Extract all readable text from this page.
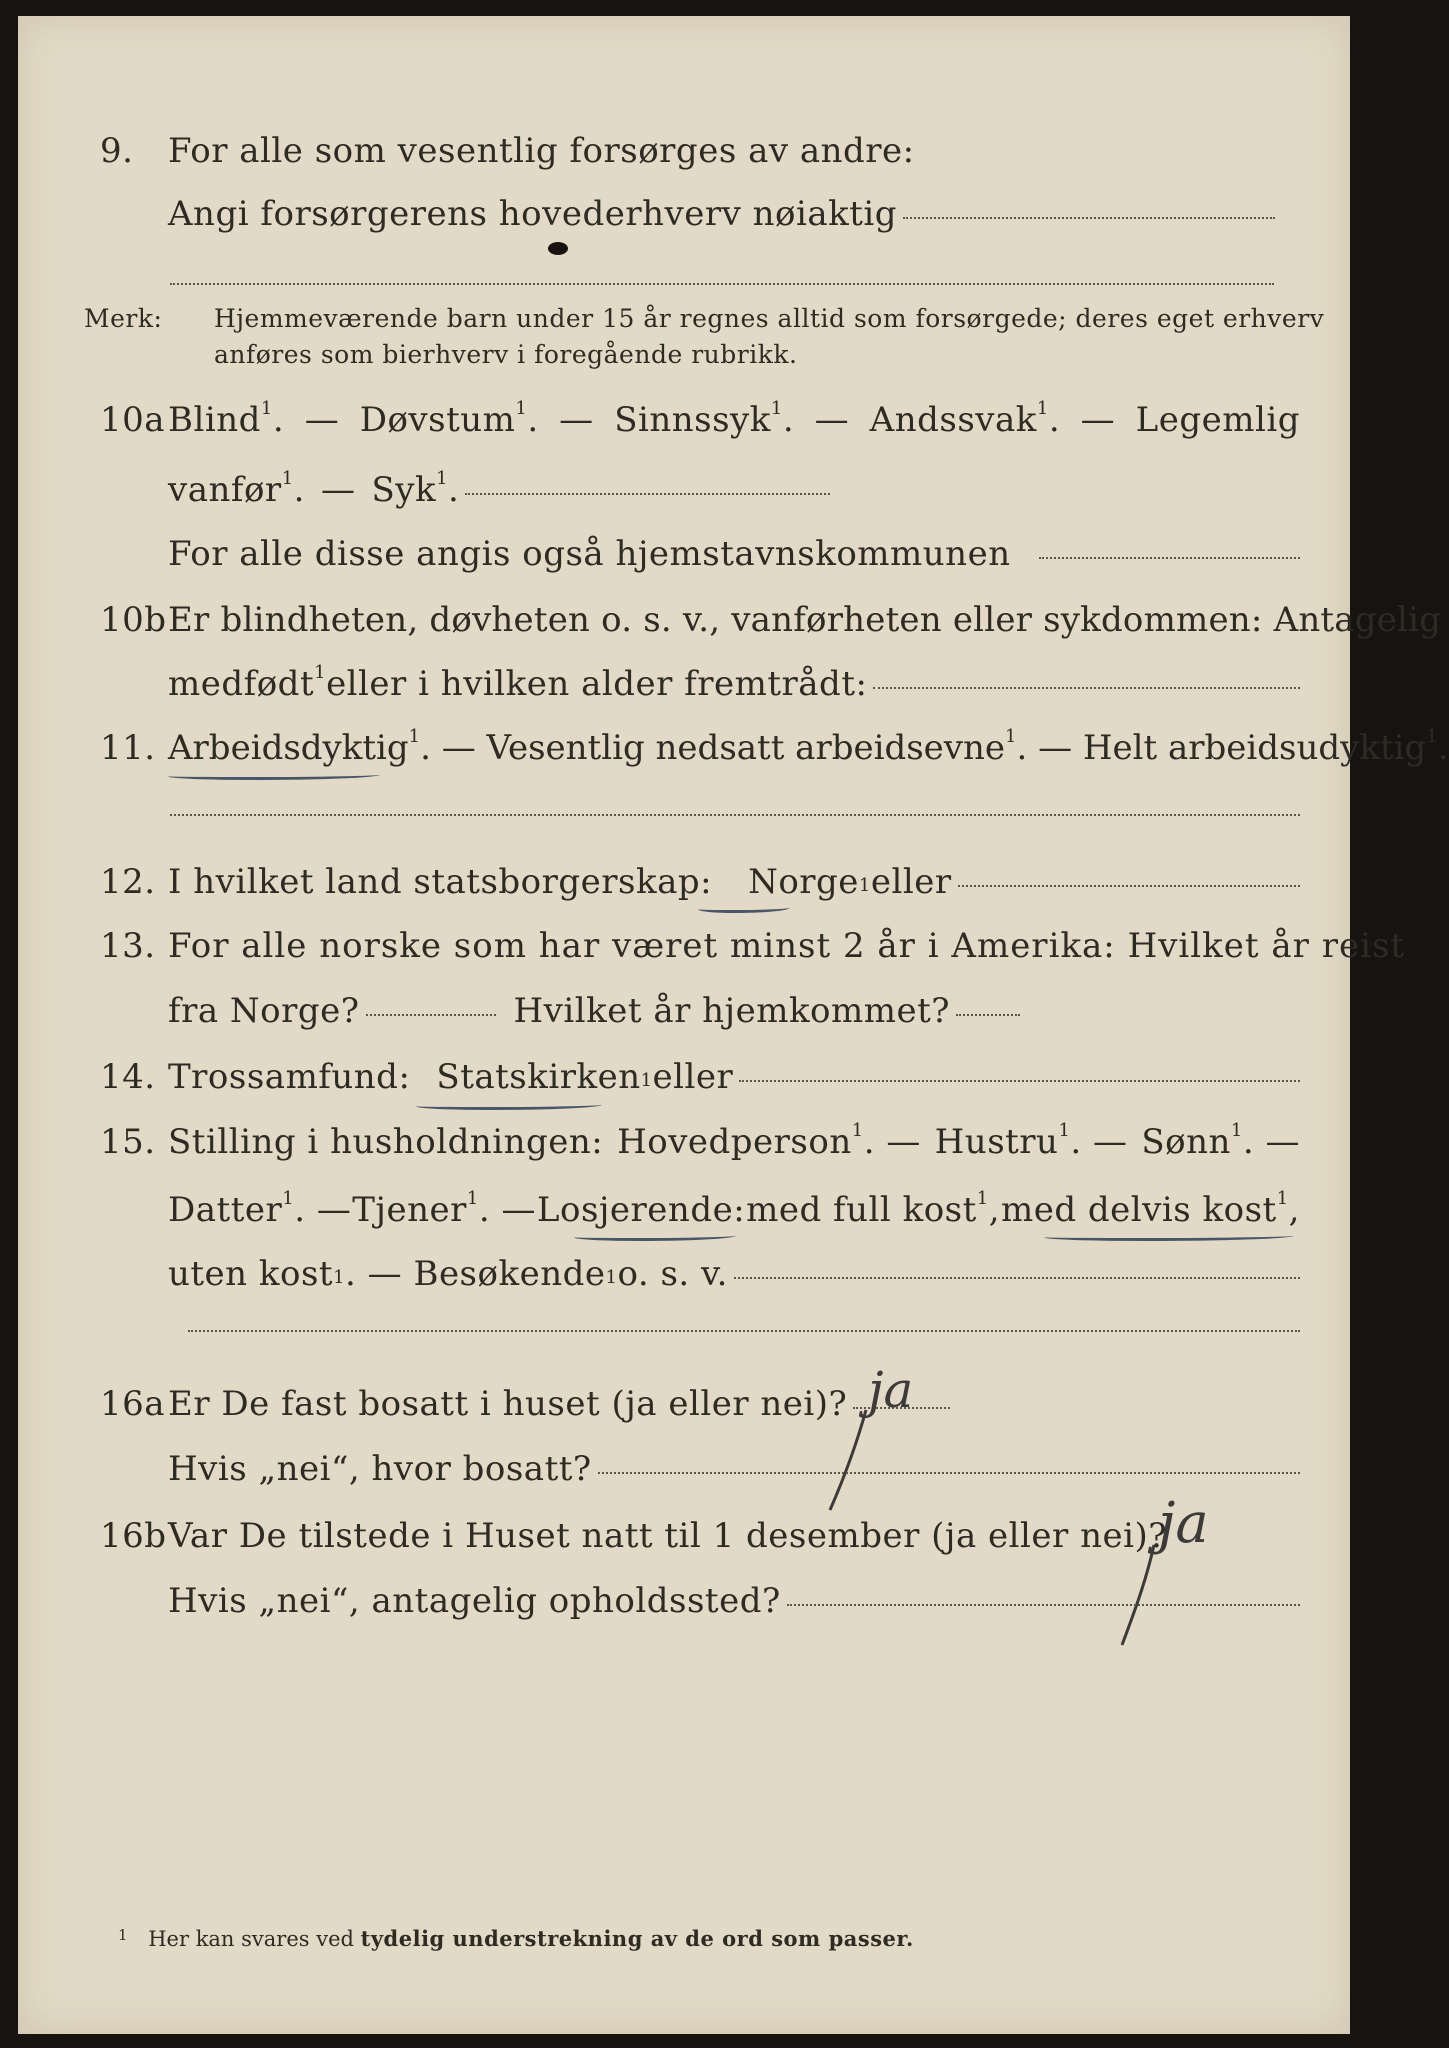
9. For alle som vesentlig forsørges av andre:
Angi forsørgerens hovederhverv nøiaktig
Merk: Hjemmeværende barn under 15 år regnes alltid som forsørgede; deres eget erhverv
anføres som bierhverv i foregående rubrikk.
10a Blind$^1$. — Døvstum$^1$. — Sinnssyk$^1$. — Andssvak$^1$. — Legemlig
vanfør$^1$. — Syk$^1$.
For alle disse angis også hjemstavnskommunen
10b Er blindheten, døvheten o. s. v., vanførheten eller sykdommen: Antagelig
medfødt$^1$ eller i hvilken alder fremtrådt:
11. Arbeidsdyktig$^1$. — Vesentlig nedsatt arbeidsevne$^1$. — Helt arbeidsudyktig$^1$.
12. I hvilket land statsborgerskap: Norge$^1$ eller
13. For alle norske som har været minst 2 år i Amerika: Hvilket år reist
fra Norge?	Hvilket år hjemkommet?
14. Trossamfund: Statskirken$^1$ eller
15. Stilling i husholdningen: Hovedperson$^1$. — Hustru$^1$. — Sønn$^1$. —
Datter$^1$. — Tjener$^1$. — Losjerende: med full kost$^1$, med delvis kost$^1$,
uten kost$^1$ . — Besøkende$^1$ o. s. v.
16a Er De fast bosatt i huset (ja eller nei)? ja
Hvis „nei“, hvor bosatt?
16b Var De tilstede i Huset natt til 1 desember (ja eller nei)?
ja
Hvis „nei“, antagelig opholdssted?
$^1$ Her kan svares ved tydelig understrekning av de ord som passer.
